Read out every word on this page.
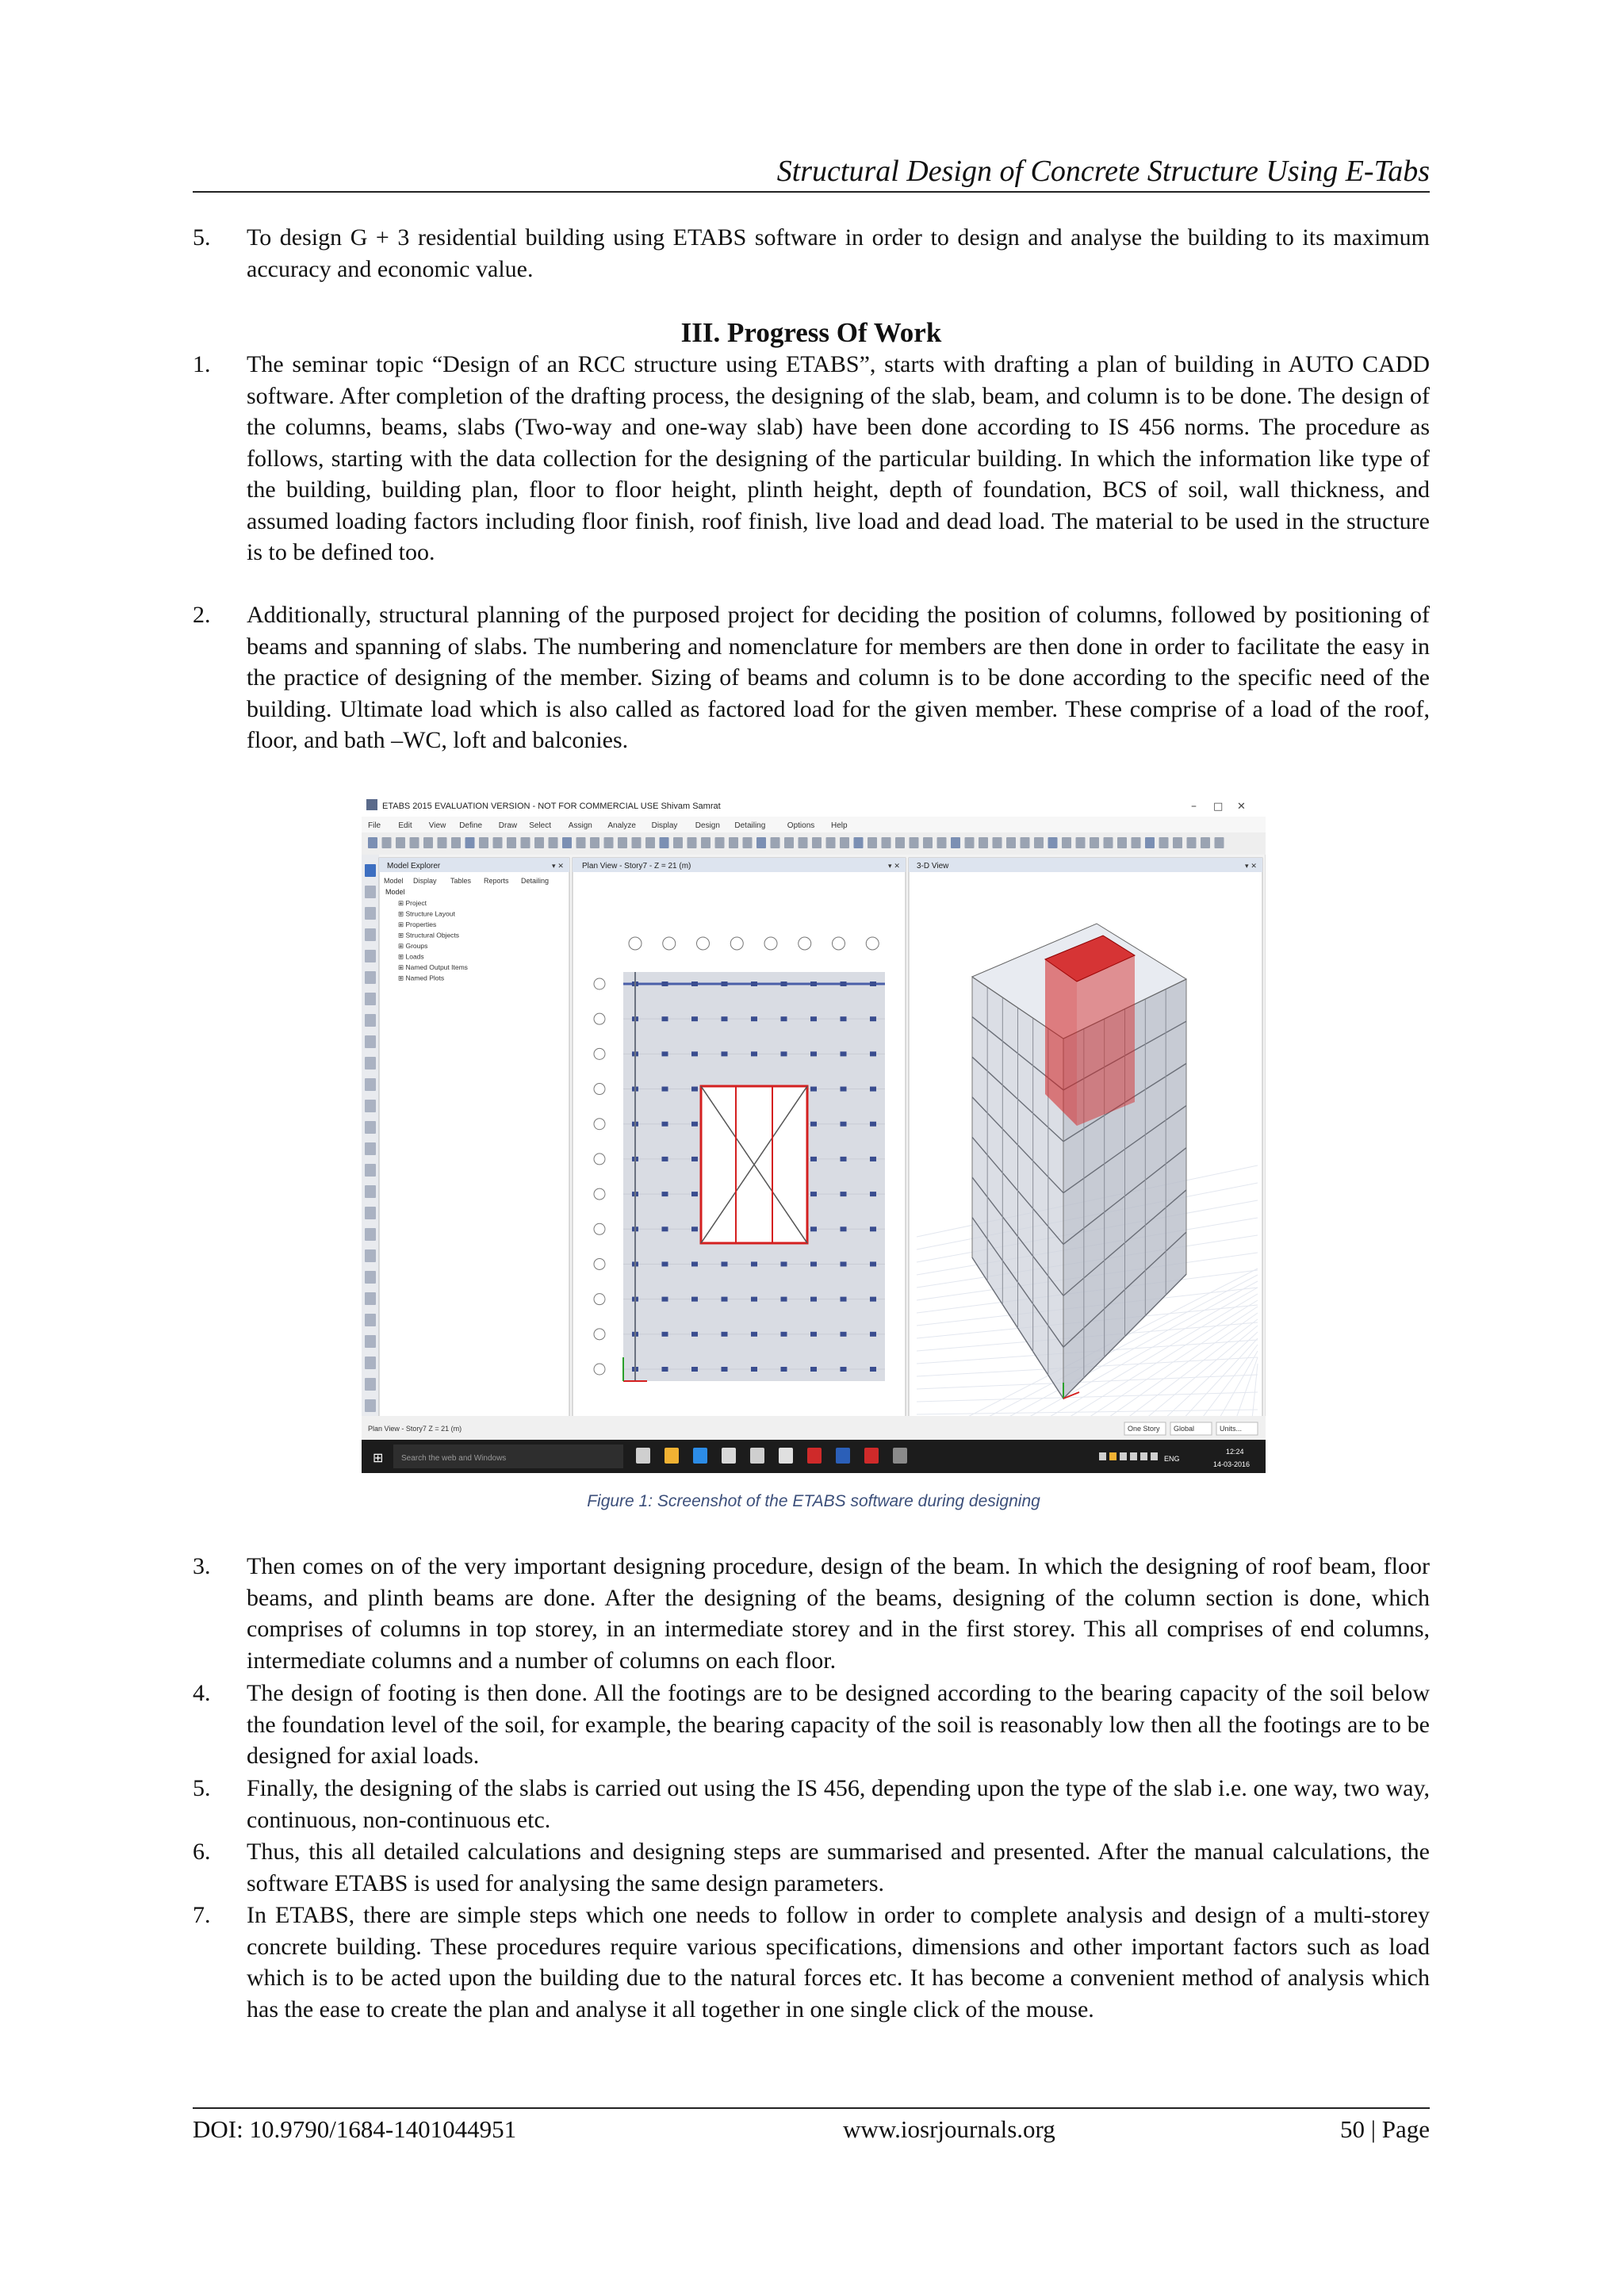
Structural Design of Concrete Structure Using E-Tabs
5.	To design G + 3 residential building using ETABS software in order to design and analyse the building to its maximum accuracy and economic value.
III. Progress Of Work
1.	The seminar topic “Design of an RCC structure using ETABS”, starts with drafting a plan of building in AUTO CADD software. After completion of the drafting process, the designing of the slab, beam, and column is to be done. The design of the columns, beams, slabs (Two-way and one-way slab) have been done according to IS 456 norms. The procedure as follows, starting with the data collection for the designing of the particular building. In which the information like type of the building, building plan, floor to floor height, plinth height, depth of foundation, BCS of soil, wall thickness, and assumed loading factors including floor finish, roof finish, live load and dead load. The material to be used in the structure is to be defined too.
2.	Additionally, structural planning of the purposed project for deciding the position of columns, followed by positioning of beams and spanning of slabs. The numbering and nomenclature for members are then done in order to facilitate the easy in the practice of designing of the member. Sizing of beams and column is to be done according to the specific need of the building. Ultimate load which is also called as factored load for the given member. These comprise of a load of the roof, floor, and bath –WC, loft and balconies.
ETABS 2015 EVALUATION VERSION - NOT FOR COMMERCIAL USE Shivam Samrat	– □ ✕
File Edit View Define Draw Select Assign Analyze Display Design Detailing	Options Help
Model Explorer	▾ ✕
Model Display Tables Reports Detailing
Model
⊞ Project
⊞ Structure Layout
⊞ Properties
⊞ Structural Objects
⊞ Groups
⊞ Loads
⊞ Named Output Items
⊞ Named Plots
Plan View - Story7 - Z = 21 (m)	▾ ✕ 3-D View	▾ ✕
Plan View - Story7 Z = 21 (m)	One Story Global	Units...
⊞ Search the web and Windows	ENG
12:24
14-03-2016
Figure 1: Screenshot of the ETABS software during designing
3.	Then comes on of the very important designing procedure, design of the beam. In which the designing of roof beam, floor beams, and plinth beams are done. After the designing of the beams, designing of the column section is done, which comprises of columns in top storey, in an intermediate storey and in the first storey. This all comprises of end columns, intermediate columns and a number of columns on each floor.
4.	The design of footing is then done. All the footings are to be designed according to the bearing capacity of the soil below the foundation level of the soil, for example, the bearing capacity of the soil is reasonably low then all the footings are to be designed for axial loads.
5.	Finally, the designing of the slabs is carried out using the IS 456, depending upon the type of the slab i.e. one way, two way, continuous, non-continuous etc.
6.	Thus, this all detailed calculations and designing steps are summarised and presented. After the manual calculations, the software ETABS is used for analysing the same design parameters.
7.	In ETABS, there are simple steps which one needs to follow in order to complete analysis and design of a multi-storey concrete building. These procedures require various specifications, dimensions and other important factors such as load which is to be acted upon the building due to the natural forces etc. It has become a convenient method of analysis which has the ease to create the plan and analyse it all together in one single click of the mouse.
DOI: 10.9790/1684-1401044951	www.iosrjournals.org	50 | Page
